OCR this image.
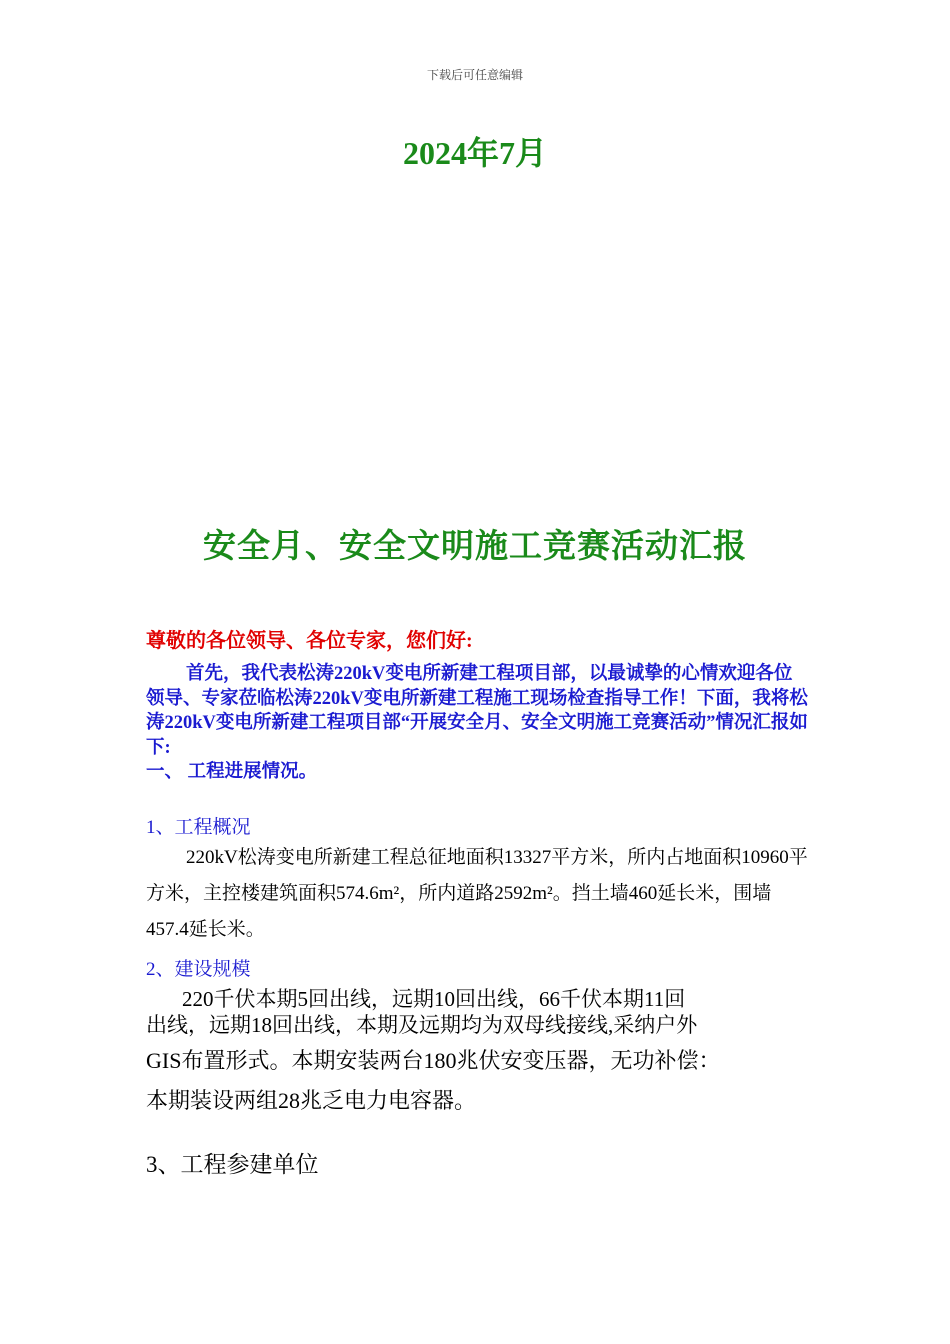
下载后可任意编辑
2024年7月
安全月、安全文明施工竞赛活动汇报
尊敬的各位领导、各位专家，您们好:

首先，我代表松涛220kV变电所新建工程项目部，以最诚挚的心情欢迎各位领导、专家莅临松涛220kV变电所新建工程施工现场检查指导工作！下面，我将松涛220kV变电所新建工程项目部“开展安全月、安全文明施工竞赛活动”情况汇报如下:

一、 工程进展情况。

1、工程概况
220kV松涛变电所新建工程总征地面积13327平方米，所内占地面积10960平方米，主控楼建筑面积574.6m²，所内道路2592m²。挡土墙460延长米，围墙457.4延长米。
2、建设规模
220千伏本期5回出线，远期10回出线，66千伏本期11回
出线，远期18回出线，本期及远期均为双母线接线,采纳户外
GIS布置形式。本期安装两台180兆伏安变压器，无功补偿：
本期装设两组28兆乏电力电容器。
3、工程参建单位
